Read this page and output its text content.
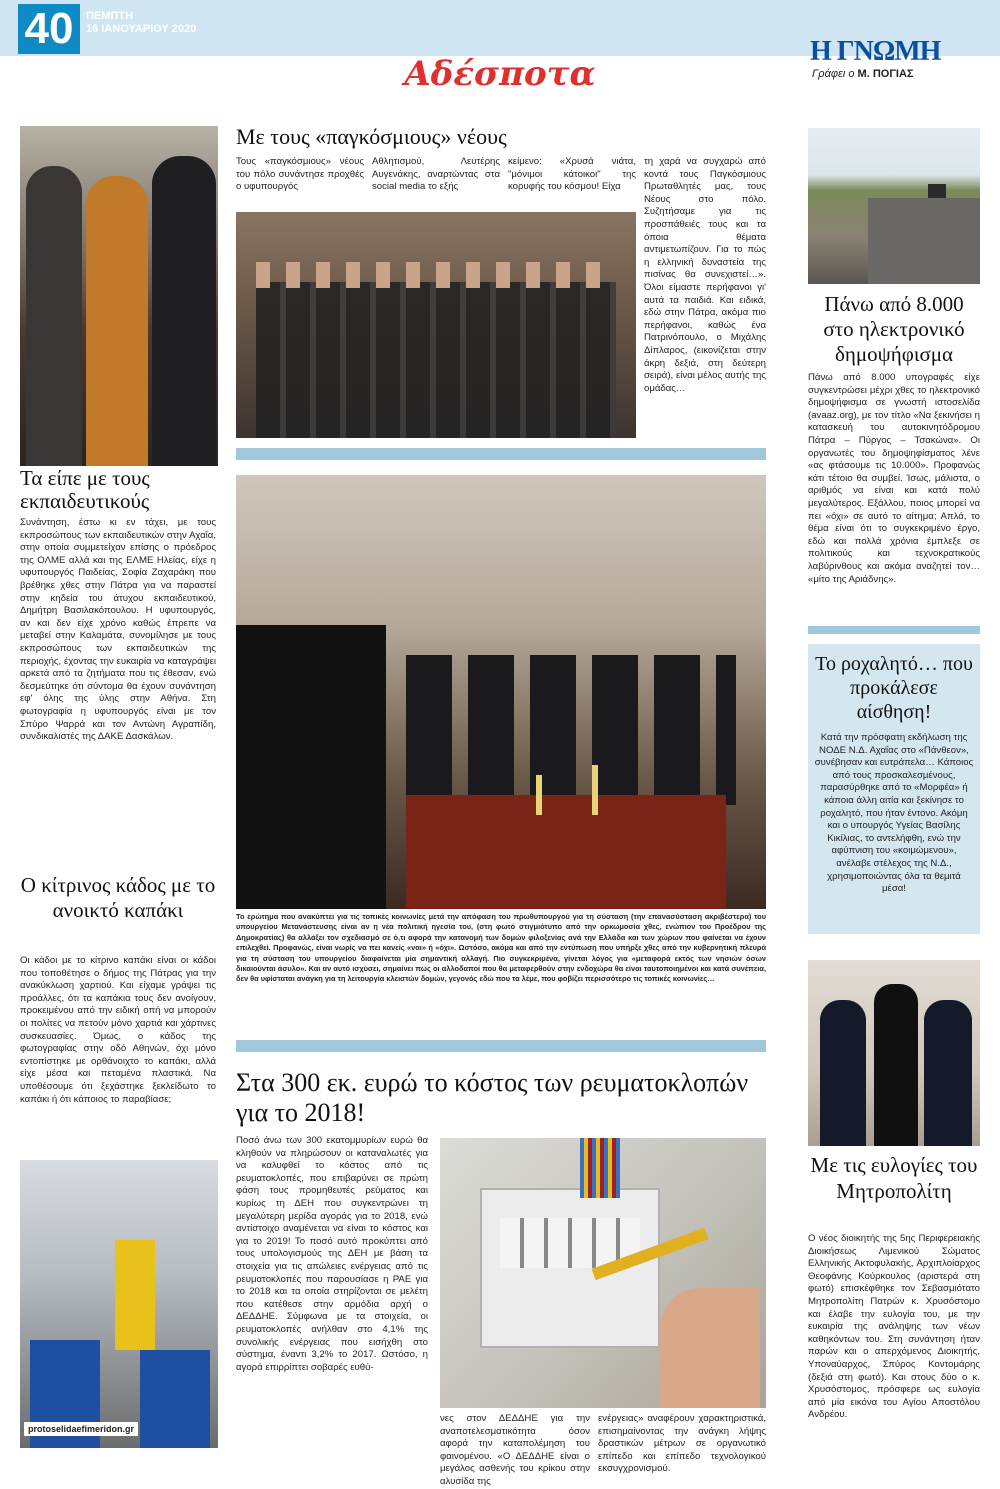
40	ΠΕΜΠΤΗ
16 ΙΑΝΟΥΑΡΙΟΥ 2020
Αδέσποτα
Η ΓΝΩΜΗ
Γράφει ο Μ. ΠΟΓΙΑΣ
Τα είπε με τους εκπαιδευτικούς

Συνάντηση, έστω κι εν τάχει, με τους εκπροσώπους των εκπαιδευτικών στην Αχαΐα, στην οποία συμμετείχαν επίσης ο πρόεδρος της ΟΛΜΕ αλλά και της ΕΛΜΕ Ηλείας, είχε η υφυπουργός Παιδείας, Σοφία Ζαχαράκη που βρέθηκε χθες στην Πάτρα για να παραστεί στην κηδεία του άτυχου εκπαιδευτικού, Δημήτρη Βασιλακόπουλου. Η υφυπουργός, αν και δεν είχε χρόνο καθώς έπρεπε να μεταβεί στην Καλαμάτα, συνομίλησε με τους εκπροσώπους των εκπαιδευτικών της περιοχής, έχοντας την ευκαιρία να καταγράψει αρκετά από τα ζητήματα που τις έθεσαν, ενώ δεσμεύτηκε ότι σύντομα θα έχουν συνάντηση εφ' όλης της ύλης στην Αθήνα. Στη φωτογραφία η υφυπουργός είναι με τον Σπύρο Ψαρρά και τον Αντώνη Αγραπίδη, συνδικαλιστές της ΔΑΚΕ Δασκάλων.

Ο κίτρινος κάδος με το ανοικτό καπάκι

Οι κάδοι με το κίτρινο καπάκι είναι οι κάδοι που τοποθέτησε ο δήμος της Πάτρας για την ανακύκλωση χαρτιού. Και είχαμε γράψει τις προάλλες, ότι τα καπάκια τους δεν ανοίγουν, προκειμένου από την ειδική οπή να μπορούν οι πολίτες να πετούν μόνο χαρτιά και χάρτινες συσκευασίες. Όμως, ο κάδος της φωτογραφίας στην οδό Αθηνών, όχι μόνο εντοπίστηκε με ορθάνοιχτο το καπάκι, αλλά είχε μέσα και πεταμένα πλαστικά. Να υποθέσουμε ότι ξεχάστηκε ξεκλείδωτο το καπάκι ή ότι κάποιος το παραβίασε;

protoselidaefimeridon.gr
Με τους «παγκόσμιους» νέους

Τους «παγκόσμιους» νέους του πόλο συνάντησε προχθές ο υφυπουργός

Αθλητισμού, Λευτέρης Αυγενάκης, αναρτώντας στα social media το εξής

κείμενο: «Χρυσά νιάτα, "μόνιμοι κάτοικοι" της κορυφής του κόσμου! Είχα

τη χαρά να συγχαρώ από κοντά τους Παγκόσμιους Πρωταθλητές μας, τους Νέους στο πόλο. Συζητήσαμε για τις προσπάθειές τους και τα όποια θέματα αντιμετωπίζουν. Για το πώς η ελληνική δυναστεία της πισίνας θα συνεχιστεί…». Όλοι είμαστε περήφανοι γι' αυτά τα παιδιά. Και ειδικά, εδώ στην Πάτρα, ακόμα πιο περήφανοι, καθώς ένα Πατρινόπουλο, ο Μιχάλης Δίπλαρος, (εικονίζεται στην άκρη δεξιά, στη δεύτερη σειρά), είναι μέλος αυτής της ομάδας…

Το ερώτημα που ανακύπτει για τις τοπικές κοινωνίες μετά την απόφαση του πρωθυπουργού για τη σύσταση (την επανασύσταση ακριβέστερα) του υπουργείου Μετανάστευσης είναι αν η νέα πολιτική ηγεσία του, (στη φωτό στιγμιότυπο από την ορκωμοσία χθες, ενώπιον του Προέδρου της Δημοκρατίας) θα αλλάξει τον σχεδιασμό σε ό,τι αφορά την κατανομή των δομών φιλοξενίας ανά την Ελλάδα και των χώρων που φαίνεται να έχουν επιλεχθεί. Προφανώς, είναι νωρίς να πει κανείς «ναι» ή «όχι». Ωστόσο, ακόμα και από την εντύπωση που υπήρξε χθες από την κυβερνητική πλευρά για τη σύσταση του υπουργείου διαφαίνεται μία σημαντική αλλαγή. Πιο συγκεκριμένα, γίνεται λόγος για «μεταφορά εκτός των νησιών όσων δικαιούνται άσυλο». Και αν αυτό ισχύσει, σημαίνει πως οι αλλοδαποί που θα μεταφερθούν στην ενδοχώρα θα είναι ταυτοποιημένοι και κατά συνέπεια, δεν θα υφίσταται ανάγκη για τη λειτουργία κλειστών δομών, γεγονός εδώ που τα λέμε, που φοβίζει περισσότερο τις τοπικές κοινωνίες…

Στα 300 εκ. ευρώ το κόστος των ρευματοκλοπών για το 2018!

Ποσό άνω των 300 εκατομμυρίων ευρώ θα κληθούν να πληρώσουν οι καταναλωτές για να καλυφθεί το κόστος από τις ρευματοκλοπές, που επιβαρύνει σε πρώτη φάση τους προμηθευτές ρεύματος και κυρίως τη ΔΕΗ που συγκεντρώνει τη μεγαλύτερη μερίδα αγοράς για το 2018, ενώ αντίστοιχο αναμένεται να είναι το κόστος και για το 2019! Το ποσό αυτό προκύπτει από τους υπολογισμούς της ΔΕΗ με βάση τα στοιχεία για τις απώλειες ενέργειας από τις ρευματοκλοπές που παρουσίασε η ΡΑΕ για το 2018 και τα οποία στηρίζονται σε μελέτη που κατέθεσε στην αρμόδια αρχή ο ΔΕΔΔΗΕ. Σύμφωνα με τα στοιχεία, οι ρευματοκλοπές ανήλθαν στο 4,1% της συνολικής ενέργειας που εισήχθη στο σύστημα, έναντι 3,2% το 2017. Ωστόσο, η αγορά επιρρίπτει σοβαρές ευθύ-

νες στον ΔΕΔΔΗΕ για την αναποτελεσματικότητα όσον αφορά την καταπολέμηση του φαινομένου. «Ο ΔΕΔΔΗΕ είναι ο μεγάλος ασθενής του κρίκου στην αλυσίδα της

ενέργειας» αναφέρουν χαρακτηριστικά, επισημαίνοντας την ανάγκη λήψης δραστικών μέτρων σε οργανωτικό επίπεδο και επίπεδο τεχνολογικού εκσυγχρονισμού.

Πάνω από 8.000 στο ηλεκτρονικό δημοψήφισμα

Πάνω από 8.000 υπογραφές είχε συγκεντρώσει μέχρι χθες το ηλεκτρονικό δημοψήφισμα σε γνωστή ιστοσελίδα (avaaz.org), με τον τίτλο «Να ξεκινήσει η κατασκευή του αυτοκινητόδρομου Πάτρα – Πύργος – Τσακώνα». Οι οργανωτές του δημοψηφίσματος λένε «ας φτάσουμε τις 10.000». Προφανώς κάτι τέτοιο θα συμβεί. Ίσως, μάλιστα, ο αριθμός να είναι και κατά πολύ μεγαλύτερος. Εξάλλου, ποιος μπορεί να πει «όχι» σε αυτό το αίτημα; Απλά, το θέμα είναι ότι το συγκεκριμένο έργο, εδώ και πολλά χρόνια έμπλεξε σε πολιτικούς και τεχνοκρατικούς λαβύρινθους και ακόμα αναζητεί τον… «μίτο της Αριάδνης».

Το ροχαλητό… που προκάλεσε αίσθηση!

Κατά την πρόσφατη εκδήλωση της ΝΟΔΕ Ν.Δ. Αχαΐας στο «Πάνθεον», συνέβησαν και ευτράπελα… Κάποιος από τους προσκαλεσμένους, παρασύρθηκε από το «Μορφέα» ή κάποια άλλη αιτία και ξεκίνησε το ροχαλητό, που ήταν έντονο. Ακόμη και ο υπουργός Υγείας Βασίλης Κικίλιας, το αντελήφθη, ενώ την αφύπνιση του «κοιμώμενου», ανέλαβε στέλεχος της Ν.Δ., χρησιμοποιώντας όλα τα θεμιτά μέσα!

Με τις ευλογίες του Μητροπολίτη

Ο νέος διοικητής της 5ης Περιφερειακής Διοικήσεως Λιμενικού Σώματος Ελληνικής Ακτοφυλακής, Αρχιπλοίαρχος Θεοφάνης Κούρκουλος (αριστερά στη φωτό) επισκέφθηκε τον Σεβασμιότατο Μητροπολίτη Πατρών κ. Χρυσόστομο και έλαβε την ευλογία του, με την ευκαιρία της ανάληψης των νέων καθηκόντων του. Στη συνάντηση ήταν παρών και ο απερχόμενος Διοικητής, Υποναύαρχος, Σπύρος Κοντομάρης (δεξιά στη φωτό). Και στους δύο ο κ. Χρυσόστομος, πρόσφερε ως ευλογία από μία εικόνα του Αγίου Αποστόλου Ανδρέου.
